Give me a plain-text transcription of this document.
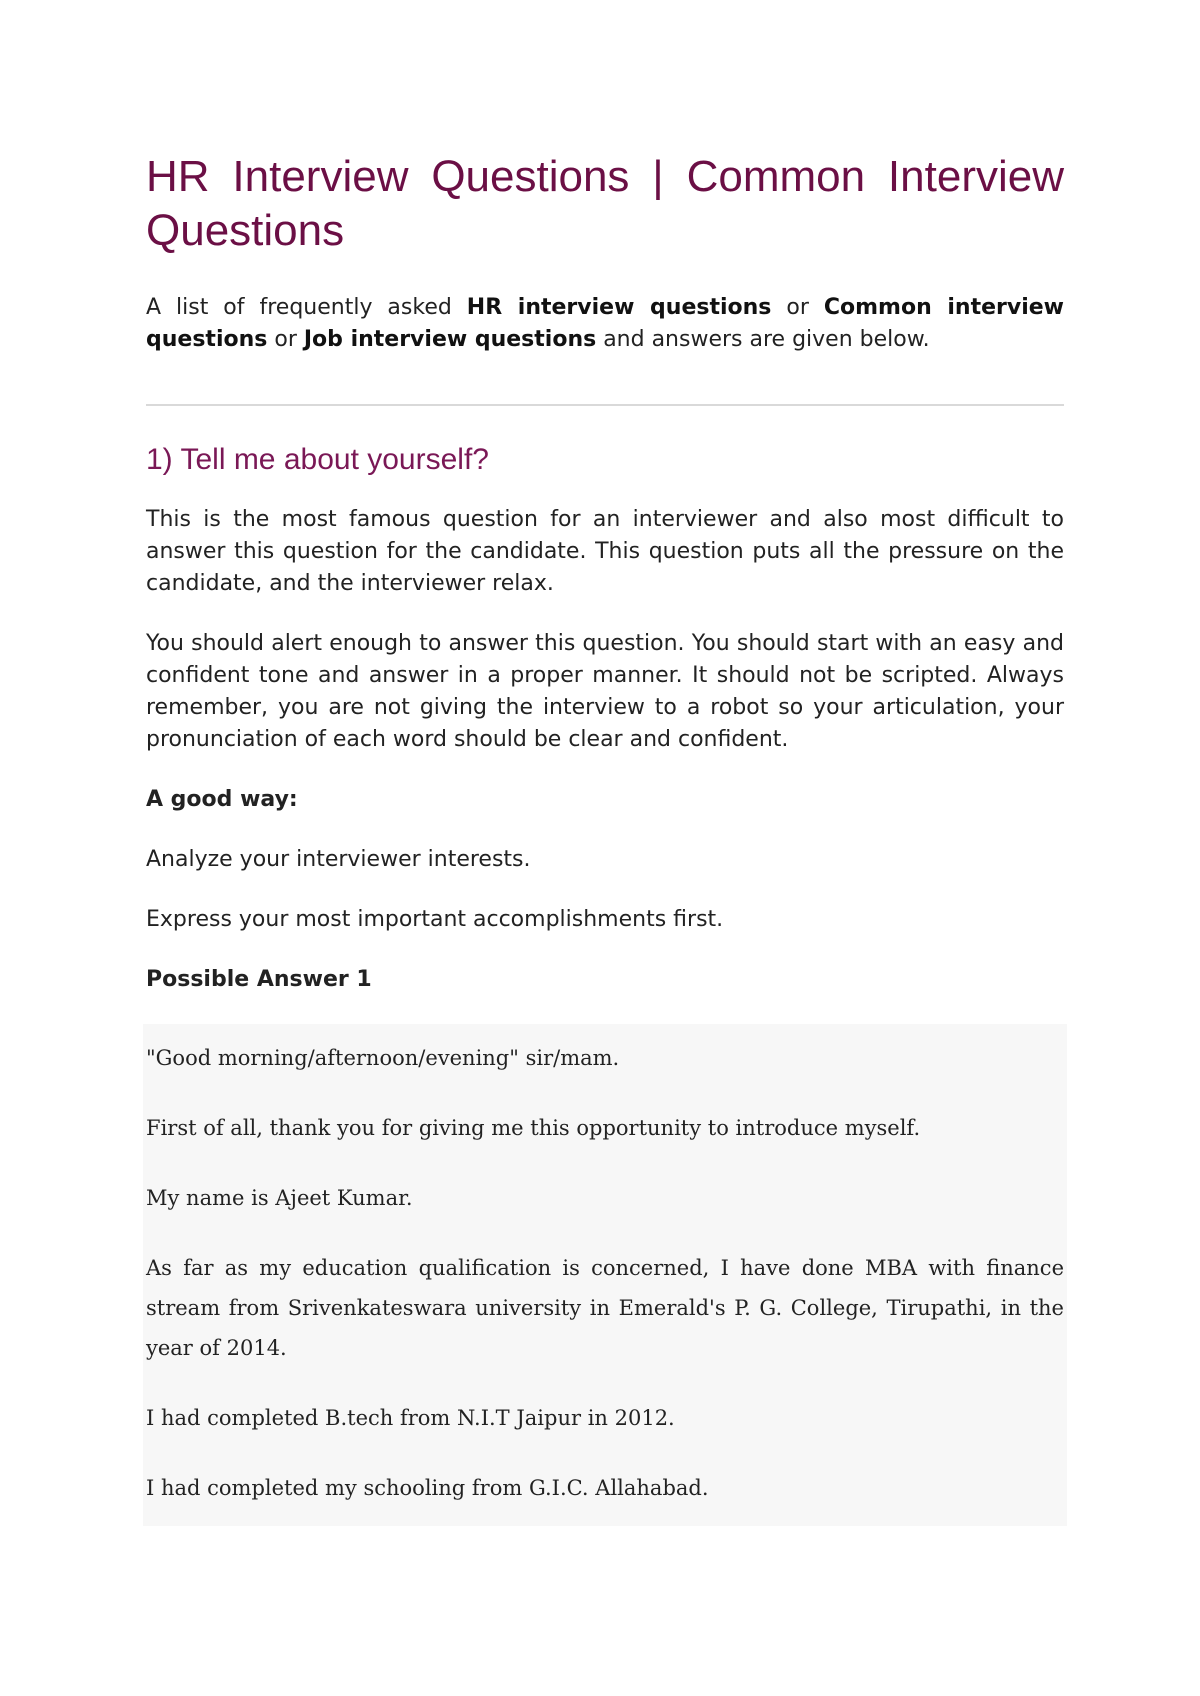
HR Interview Questions | Common Interview Questions

A list of frequently asked HR interview questions or Common interview questions or Job interview questions and answers are given below.

1) Tell me about yourself?

This is the most famous question for an interviewer and also most difficult to answer this question for the candidate. This question puts all the pressure on the candidate, and the interviewer relax.

You should alert enough to answer this question. You should start with an easy and confident tone and answer in a proper manner. It should not be scripted. Always remember, you are not giving the interview to a robot so your articulation, your pronunciation of each word should be clear and confident.

A good way:

Analyze your interviewer interests.

Express your most important accomplishments first.

Possible Answer 1

"Good morning/afternoon/evening" sir/mam.

First of all, thank you for giving me this opportunity to introduce myself.

My name is Ajeet Kumar.

As far as my education qualification is concerned, I have done MBA with finance stream from Srivenkateswara university in Emerald's P. G. College, Tirupathi, in the year of 2014.

I had completed B.tech from N.I.T Jaipur in 2012.

I had completed my schooling from G.I.C. Allahabad.
